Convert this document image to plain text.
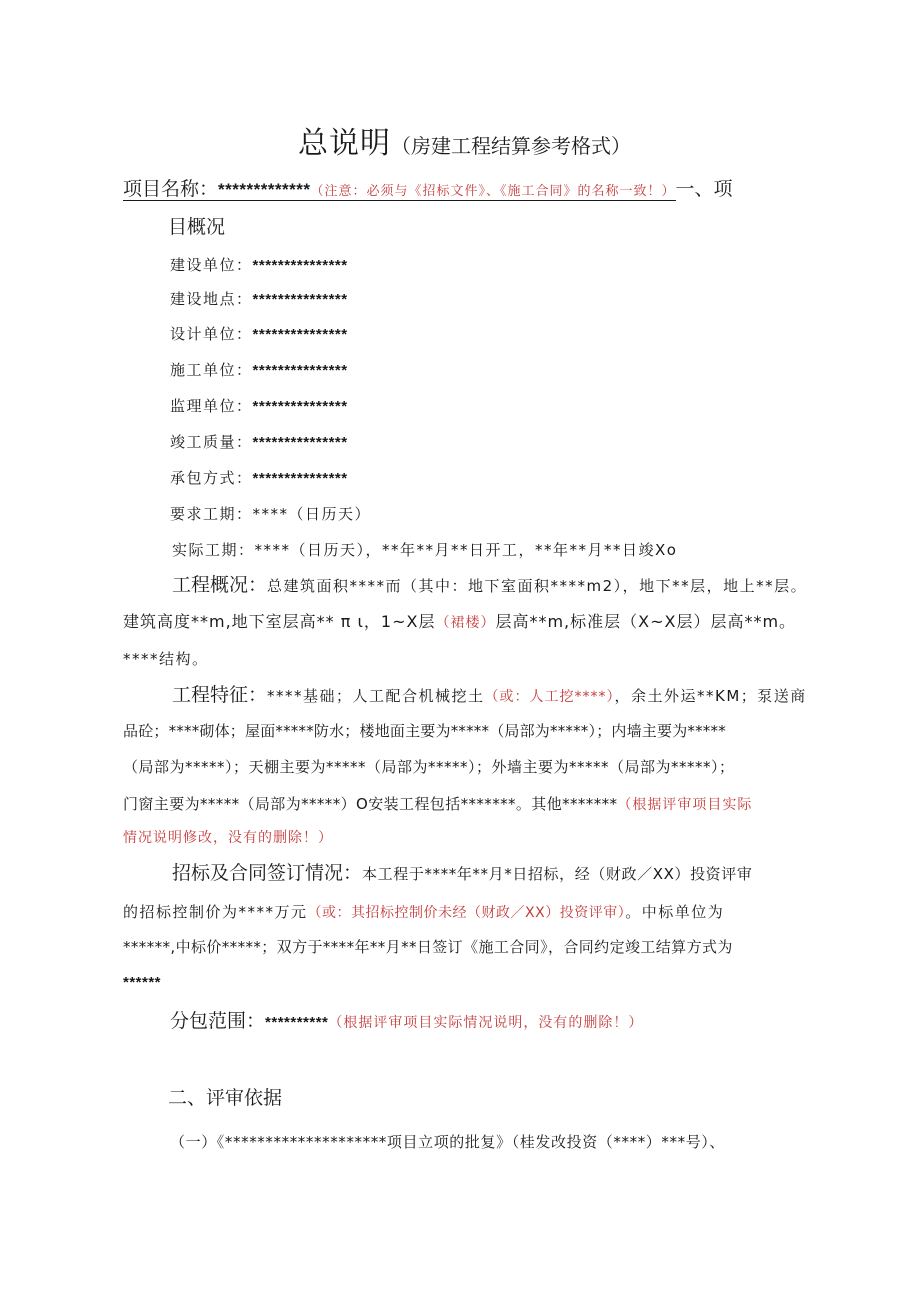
总说明（房建工程结算参考格式）
项目名称：*************（注意：必须与《招标文件》、《施工合同》的名称一致！）一、项
目概况
建设单位：***************
建设地点：***************
设计单位：***************
施工单位：***************
监理单位：***************
竣工质量：***************
承包方式：***************
要求工期：****（日历天）
实际工期：****（日历天），**年**月**日开工，**年**月**日竣Xo
工程概况：总建筑面积****而（其中：地下室面积****m2），地下**层，地上**层。
建筑高度**m,地下室层高** π ι，1~X层（裙楼）层高**m,标准层（X~X层）层高**m。
****结构。
工程特征：****基础；人工配合机械挖土（或：人工挖****），余土外运**KM；泵送商
品砼；****砌体；屋面*****防水；楼地面主要为*****（局部为*****）；内墙主要为*****
（局部为*****）；天棚主要为*****（局部为*****）；外墙主要为*****（局部为*****）；
门窗主要为*****（局部为*****）O安装工程包括*******。其他*******（根据评审项目实际
情况说明修改，没有的删除！）
招标及合同签订情况：本工程于****年**月*日招标，经（财政／XX）投资评审
的招标控制价为****万元（或：其招标控制价未经（财政／XX）投资评审）。中标单位为
******,中标价*****；双方于****年**月**日签订《施工合同》，合同约定竣工结算方式为
******
分包范围：**********（根据评审项目实际情况说明，没有的删除！）
二、评审依据
（一）《********************项目立项的批复》（桂发改投资（****）***号）、
